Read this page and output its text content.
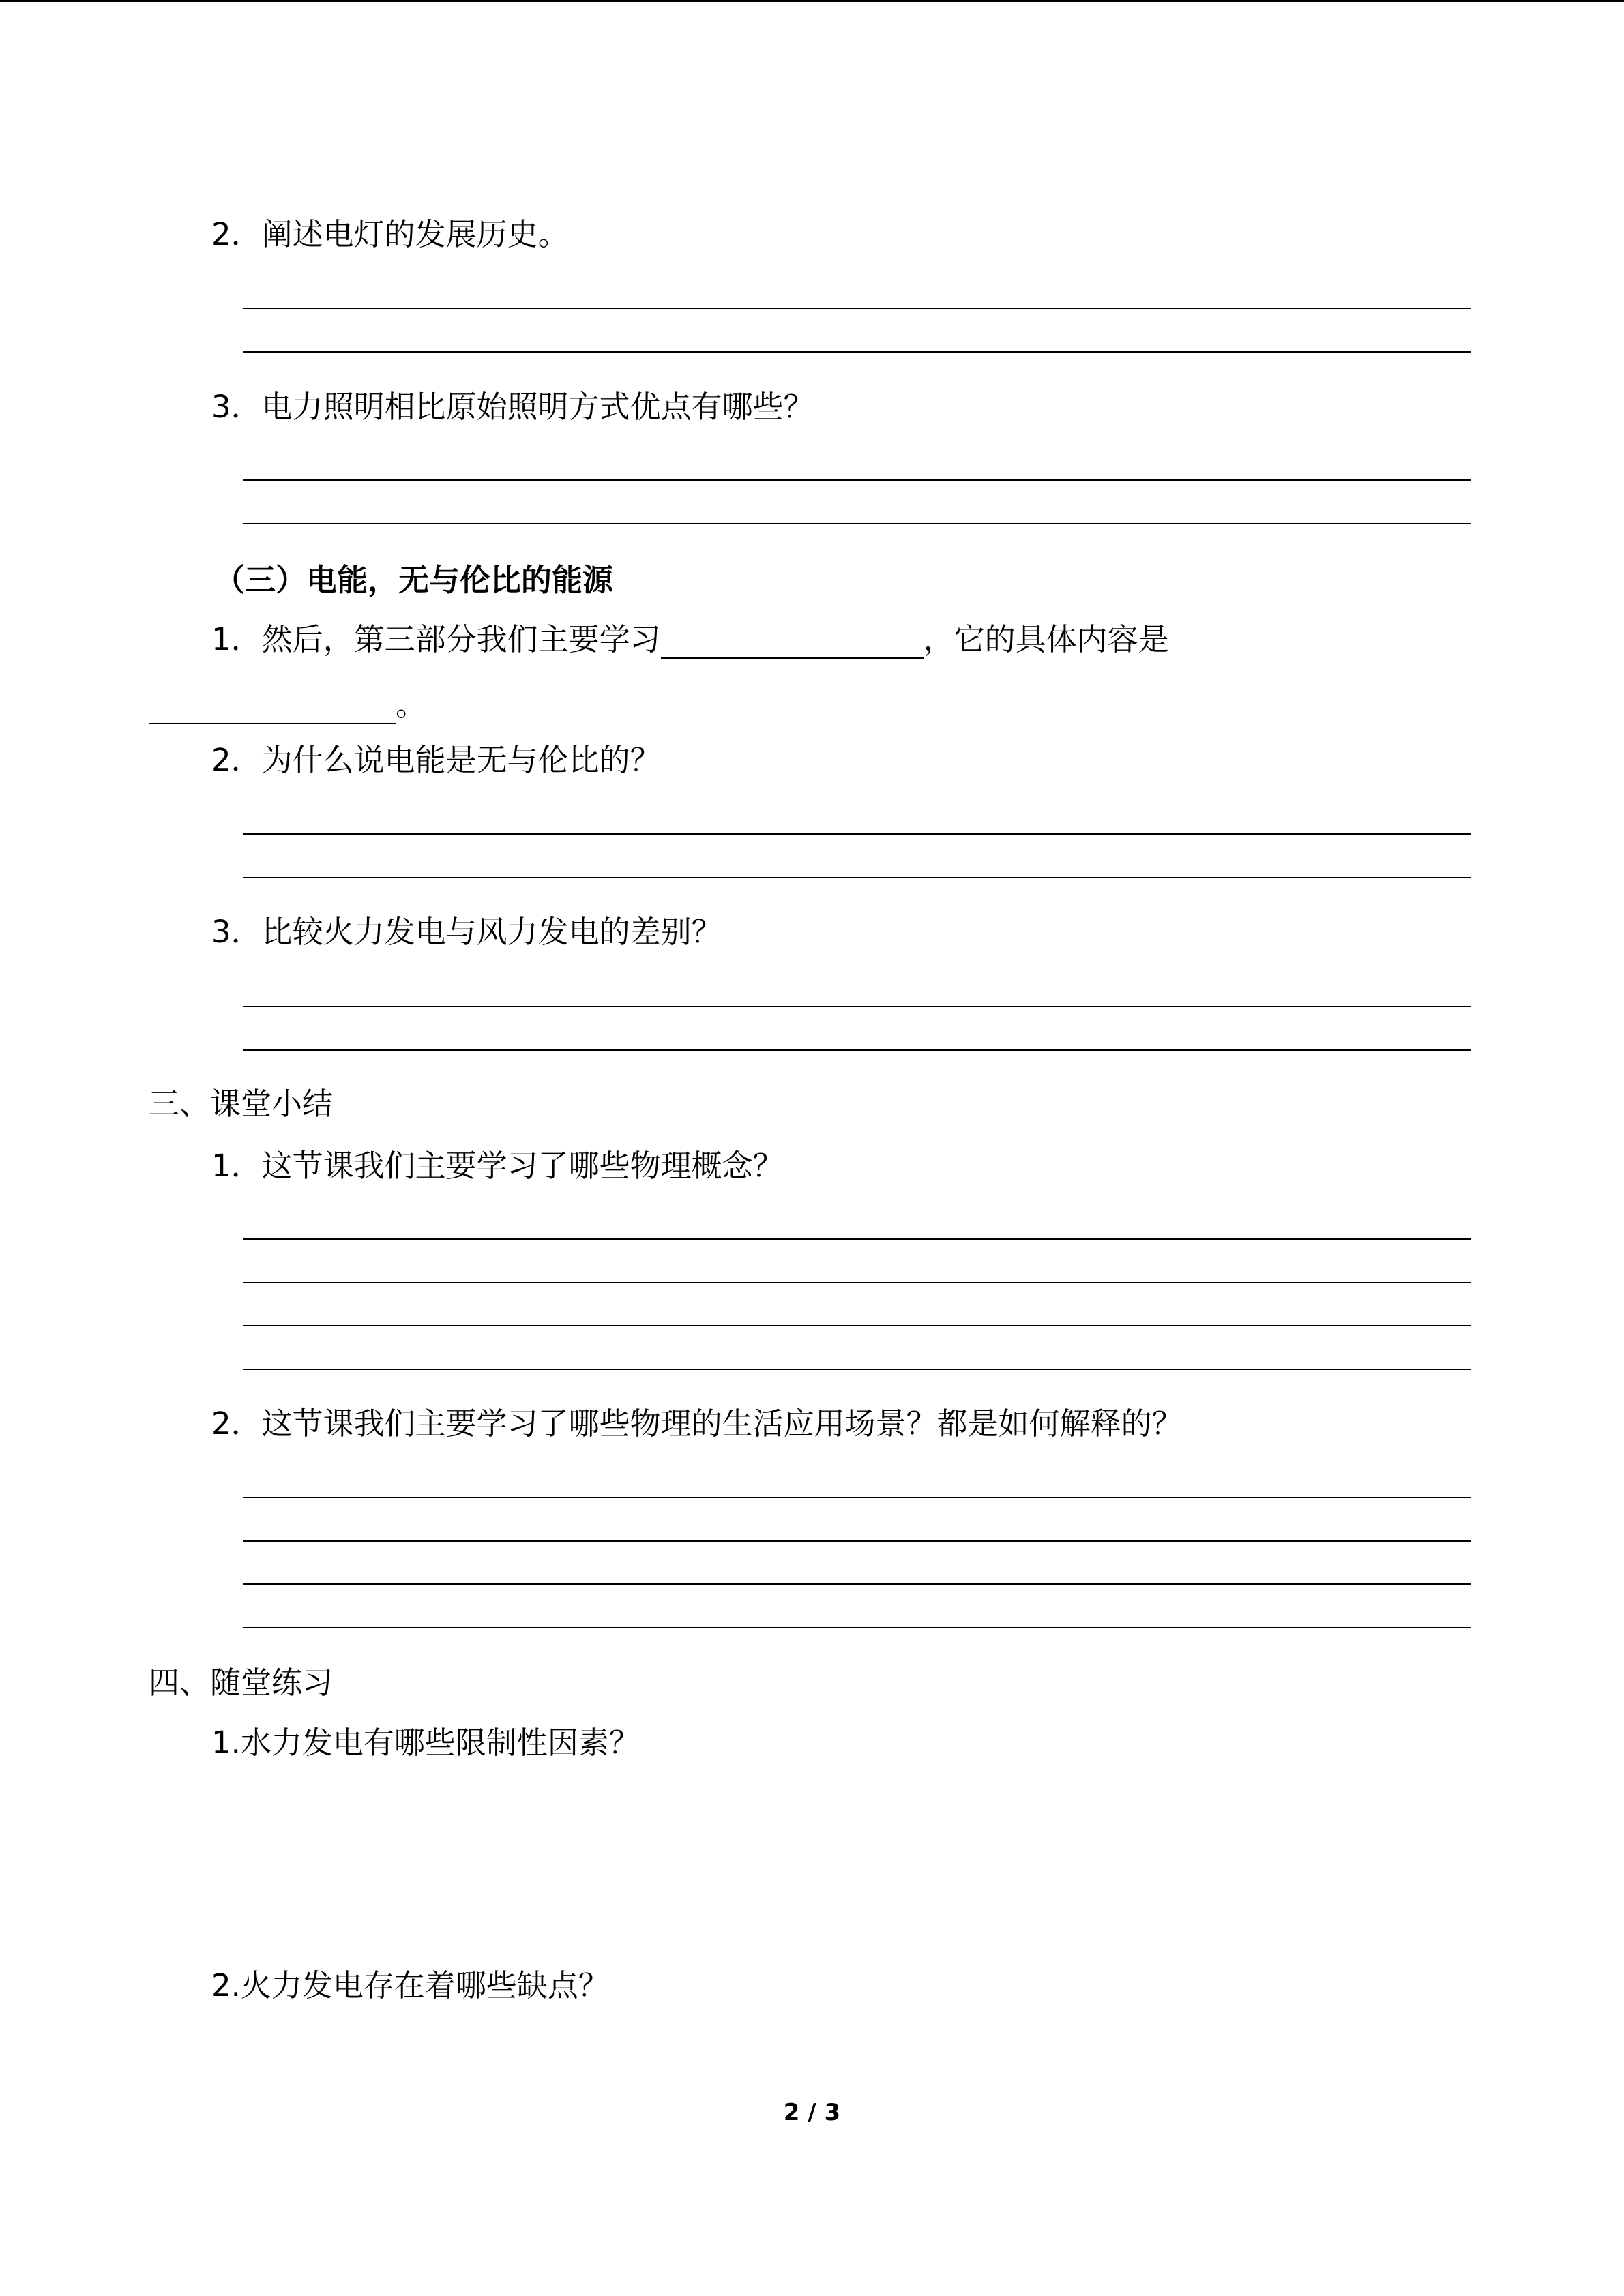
2．阐述电灯的发展历史。
3．电力照明相比原始照明方式优点有哪些？
（三）电能，无与伦比的能源
1．然后，第三部分我们主要学习	，它的具体内容是
。
2．为什么说电能是无与伦比的？
3．比较火力发电与风力发电的差别？
三、课堂小结
1．这节课我们主要学习了哪些物理概念？
2．这节课我们主要学习了哪些物理的生活应用场景？都是如何解释的？
四、随堂练习
1.水力发电有哪些限制性因素？
2.火力发电存在着哪些缺点？
2 / 3
